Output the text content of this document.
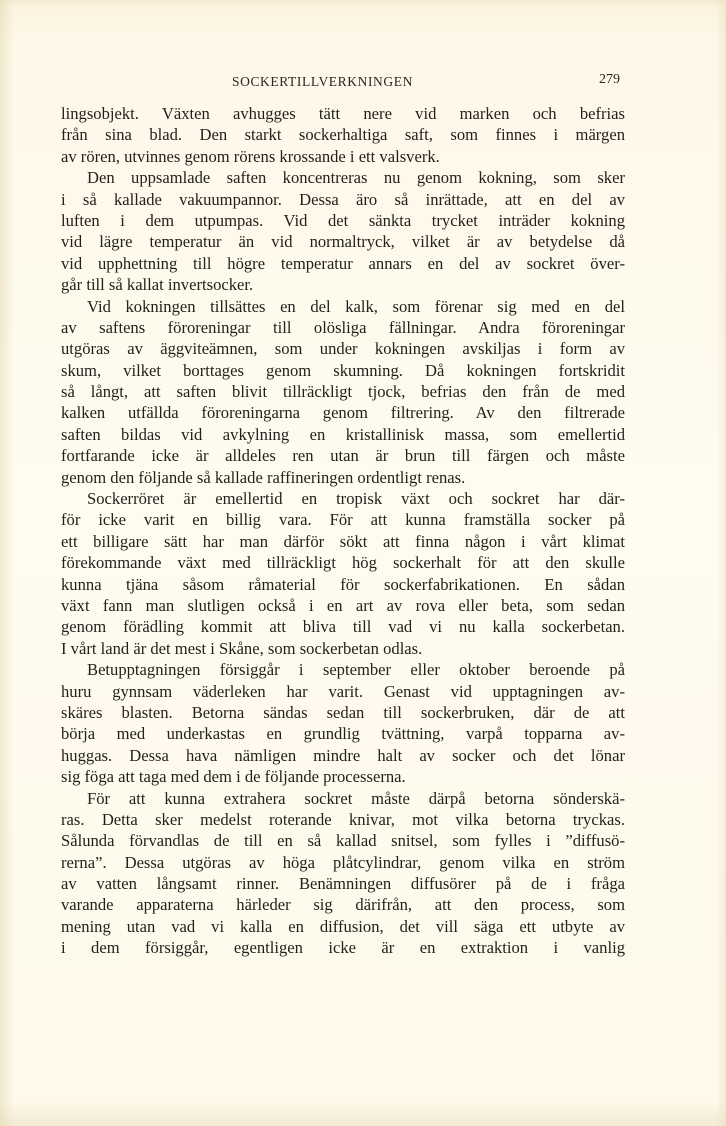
SOCKERTILLVERKNINGEN	279
lingsobjekt. Växten avhugges tätt nere vid marken och befrias
från sina blad. Den starkt sockerhaltiga saft, som finnes i märgen
av rören, utvinnes genom rörens krossande i ett valsverk.
Den uppsamlade saften koncentreras nu genom kokning, som sker
i så kallade vakuumpannor. Dessa äro så inrättade, att en del av
luften i dem utpumpas. Vid det sänkta trycket inträder kokning
vid lägre temperatur än vid normaltryck, vilket är av betydelse då
vid upphettning till högre temperatur annars en del av sockret över-
går till så kallat invertsocker.
Vid kokningen tillsättes en del kalk, som förenar sig med en del
av saftens föroreningar till olösliga fällningar. Andra föroreningar
utgöras av äggviteämnen, som under kokningen avskiljas i form av
skum, vilket borttages genom skumning. Då kokningen fortskridit
så långt, att saften blivit tillräckligt tjock, befrias den från de med
kalken utfällda föroreningarna genom filtrering. Av den filtrerade
saften bildas vid avkylning en kristallinisk massa, som emellertid
fortfarande icke är alldeles ren utan är brun till färgen och måste
genom den följande så kallade raffineringen ordentligt renas.
Sockerröret är emellertid en tropisk växt och sockret har där-
för icke varit en billig vara. För att kunna framställa socker på
ett billigare sätt har man därför sökt att finna någon i vårt klimat
förekommande växt med tillräckligt hög sockerhalt för att den skulle
kunna tjäna såsom råmaterial för sockerfabrikationen. En sådan
växt fann man slutligen också i en art av rova eller beta, som sedan
genom förädling kommit att bliva till vad vi nu kalla sockerbetan.
I vårt land är det mest i Skåne, som sockerbetan odlas.
Betupptagningen försiggår i september eller oktober beroende på
huru gynnsam väderleken har varit. Genast vid upptagningen av-
skäres blasten. Betorna sändas sedan till sockerbruken, där de att
börja med underkastas en grundlig tvättning, varpå topparna av-
huggas. Dessa hava nämligen mindre halt av socker och det lönar
sig föga att taga med dem i de följande processerna.
För att kunna extrahera sockret måste därpå betorna sönderskä-
ras. Detta sker medelst roterande knivar, mot vilka betorna tryckas.
Sålunda förvandlas de till en så kallad snitsel, som fylles i ”diffusö-
rerna”. Dessa utgöras av höga plåtcylindrar, genom vilka en ström
av vatten långsamt rinner. Benämningen diffusörer på de i fråga
varande apparaterna härleder sig därifrån, att den process, som
mening utan vad vi kalla en diffusion, det vill säga ett utbyte av
i dem försiggår, egentligen icke är en extraktion i vanlig
